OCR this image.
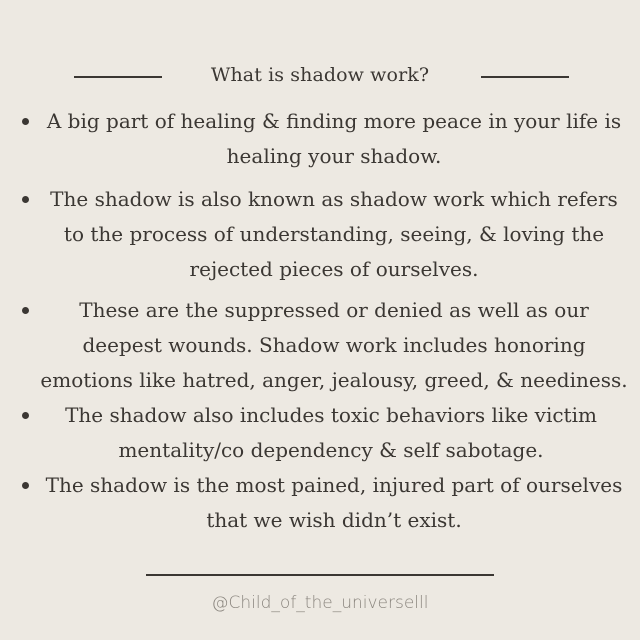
What is shadow work?
A big part of healing & finding more peace in your life is healing your shadow.
The shadow is also known as shadow work which refers to the process of understanding, seeing, & loving the rejected pieces of ourselves.
These are the suppressed or denied as well as our deepest wounds. Shadow work includes honoring emotions like hatred, anger, jealousy, greed, & neediness.
The shadow also includes toxic behaviors like victim mentality/co dependency & self sabotage.
The shadow is the most pained, injured part of ourselves that we wish didn’t exist.
@Child_of_the_universelll
